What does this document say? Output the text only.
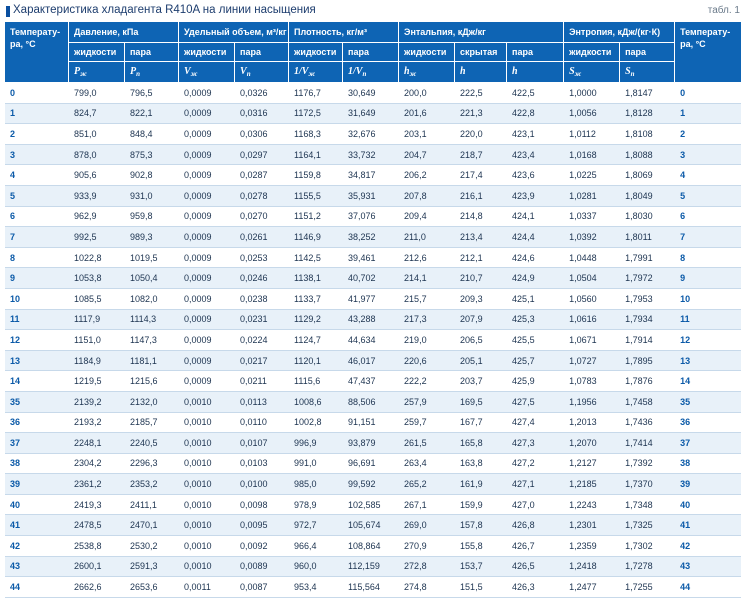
Характеристика хладагента R410A на линии насыщения	табл. 1
Температу-ра, °С	Давление, кПа		Удельный объем, м³/кг		Плотность, кг/м³		Энтальпия, кДж/кг			Энтропия, кДж/(кг·К)		Температу-ра, °С
	жидкости	пара	жидкости	пара	жидкости	пара	жидкости	скрытая	пара	жидкости	пара	
	$P_ж$	$P_п$	$V_ж$	$V_п$	$1/V_ж$	$1/V_п$	$h_ж$	h	h	$S_ж$	$S_п$
0	799,0	796,5	0,0009	0,0326	1176,7	30,649	200,0	222,5	422,5	1,0000	1,8147	0
1	824,7	822,1	0,0009	0,0316	1172,5	31,649	201,6	221,3	422,8	1,0056	1,8128	1
2	851,0	848,4	0,0009	0,0306	1168,3	32,676	203,1	220,0	423,1	1,0112	1,8108	2
3	878,0	875,3	0,0009	0,0297	1164,1	33,732	204,7	218,7	423,4	1,0168	1,8088	3
4	905,6	902,8	0,0009	0,0287	1159,8	34,817	206,2	217,4	423,6	1,0225	1,8069	4
5	933,9	931,0	0,0009	0,0278	1155,5	35,931	207,8	216,1	423,9	1,0281	1,8049	5
6	962,9	959,8	0,0009	0,0270	1151,2	37,076	209,4	214,8	424,1	1,0337	1,8030	6
7	992,5	989,3	0,0009	0,0261	1146,9	38,252	211,0	213,4	424,4	1,0392	1,8011	7
8	1022,8	1019,5	0,0009	0,0253	1142,5	39,461	212,6	212,1	424,6	1,0448	1,7991	8
9	1053,8	1050,4	0,0009	0,0246	1138,1	40,702	214,1	210,7	424,9	1,0504	1,7972	9
10	1085,5	1082,0	0,0009	0,0238	1133,7	41,977	215,7	209,3	425,1	1,0560	1,7953	10
11	1117,9	1114,3	0,0009	0,0231	1129,2	43,288	217,3	207,9	425,3	1,0616	1,7934	11
12	1151,0	1147,3	0,0009	0,0224	1124,7	44,634	219,0	206,5	425,5	1,0671	1,7914	12
13	1184,9	1181,1	0,0009	0,0217	1120,1	46,017	220,6	205,1	425,7	1,0727	1,7895	13
14	1219,5	1215,6	0,0009	0,0211	1115,6	47,437	222,2	203,7	425,9	1,0783	1,7876	14
35	2139,2	2132,0	0,0010	0,0113	1008,6	88,506	257,9	169,5	427,5	1,1956	1,7458	35
36	2193,2	2185,7	0,0010	0,0110	1002,8	91,151	259,7	167,7	427,4	1,2013	1,7436	36
37	2248,1	2240,5	0,0010	0,0107	996,9	93,879	261,5	165,8	427,3	1,2070	1,7414	37
38	2304,2	2296,3	0,0010	0,0103	991,0	96,691	263,4	163,8	427,2	1,2127	1,7392	38
39	2361,2	2353,2	0,0010	0,0100	985,0	99,592	265,2	161,9	427,1	1,2185	1,7370	39
40	2419,3	2411,1	0,0010	0,0098	978,9	102,585	267,1	159,9	427,0	1,2243	1,7348	40
41	2478,5	2470,1	0,0010	0,0095	972,7	105,674	269,0	157,8	426,8	1,2301	1,7325	41
42	2538,8	2530,2	0,0010	0,0092	966,4	108,864	270,9	155,8	426,7	1,2359	1,7302	42
43	2600,1	2591,3	0,0010	0,0089	960,0	112,159	272,8	153,7	426,5	1,2418	1,7278	43
44	2662,6	2653,6	0,0011	0,0087	953,4	115,564	274,8	151,5	426,3	1,2477	1,7255	44
